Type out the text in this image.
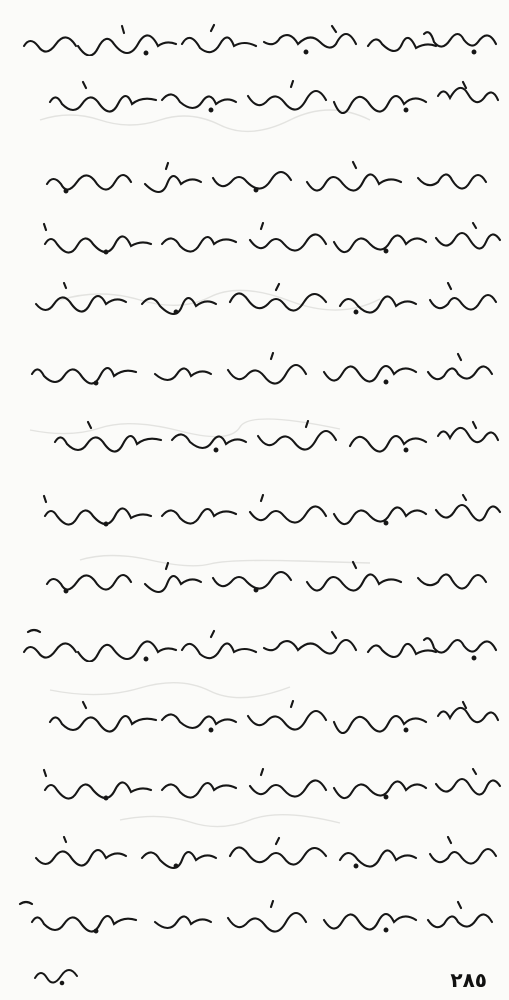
٢٨٥
